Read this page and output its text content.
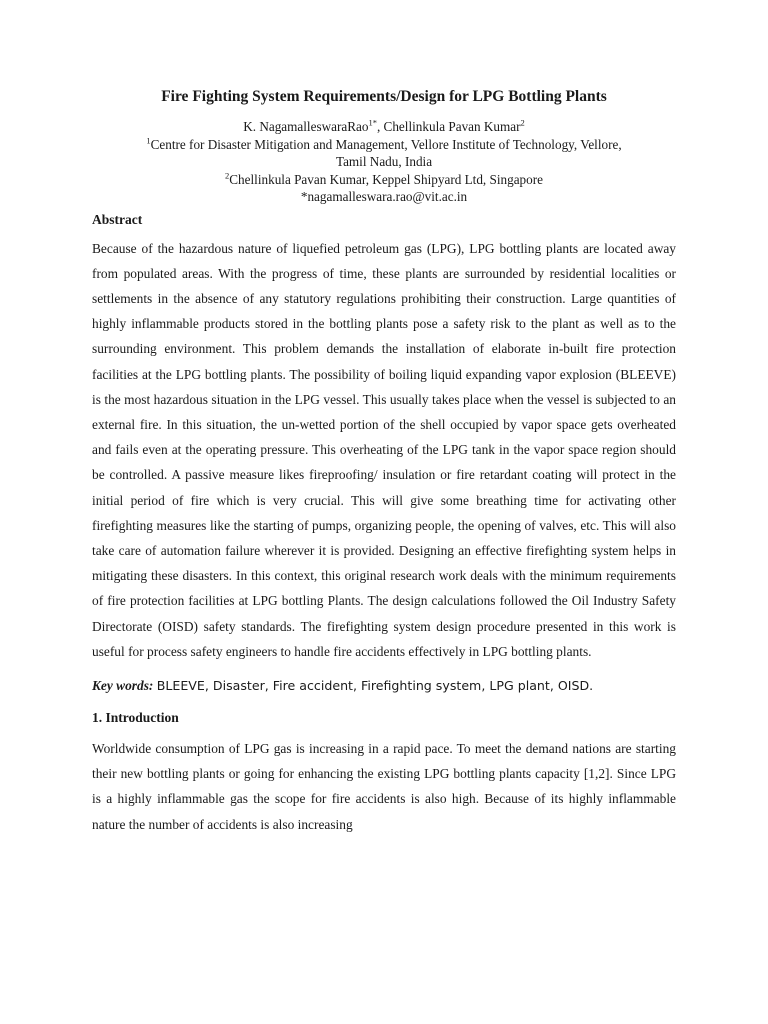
Fire Fighting System Requirements/Design for LPG Bottling Plants

K. NagamalleswaraRao$^{1*}$, Chellinkula Pavan Kumar$^2$

$^1$Centre for Disaster Mitigation and Management, Vellore Institute of Technology, Vellore,

Tamil Nadu, India

$^2$Chellinkula Pavan Kumar, Keppel Shipyard Ltd, Singapore

*nagamalleswara.rao@vit.ac.in

Abstract

Because of the hazardous nature of liquefied petroleum gas (LPG), LPG bottling plants are located away from populated areas. With the progress of time, these plants are surrounded by residential localities or settlements in the absence of any statutory regulations prohibiting their construction. Large quantities of highly inflammable products stored in the bottling plants pose a safety risk to the plant as well as to the surrounding environment. This problem demands the installation of elaborate in-built fire protection facilities at the LPG bottling plants. The possibility of boiling liquid expanding vapor explosion (BLEEVE) is the most hazardous situation in the LPG vessel. This usually takes place when the vessel is subjected to an external fire. In this situation, the un-wetted portion of the shell occupied by vapor space gets overheated and fails even at the operating pressure. This overheating of the LPG tank in the vapor space region should be controlled. A passive measure likes fireproofing/ insulation or fire retardant coating will protect in the initial period of fire which is very crucial. This will give some breathing time for activating other firefighting measures like the starting of pumps, organizing people, the opening of valves, etc. This will also take care of automation failure wherever it is provided. Designing an effective firefighting system helps in mitigating these disasters. In this context, this original research work deals with the minimum requirements of fire protection facilities at LPG bottling Plants. The design calculations followed the Oil Industry Safety Directorate (OISD) safety standards. The firefighting system design procedure presented in this work is useful for process safety engineers to handle fire accidents effectively in LPG bottling plants.

Key words: BLEEVE, Disaster, Fire accident, Firefighting system, LPG plant, OISD.

1. Introduction

Worldwide consumption of LPG gas is increasing in a rapid pace. To meet the demand nations are starting their new bottling plants or going for enhancing the existing LPG bottling plants capacity [1,2]. Since LPG is a highly inflammable gas the scope for fire accidents is also high. Because of its highly inflammable nature the number of accidents is also increasing
